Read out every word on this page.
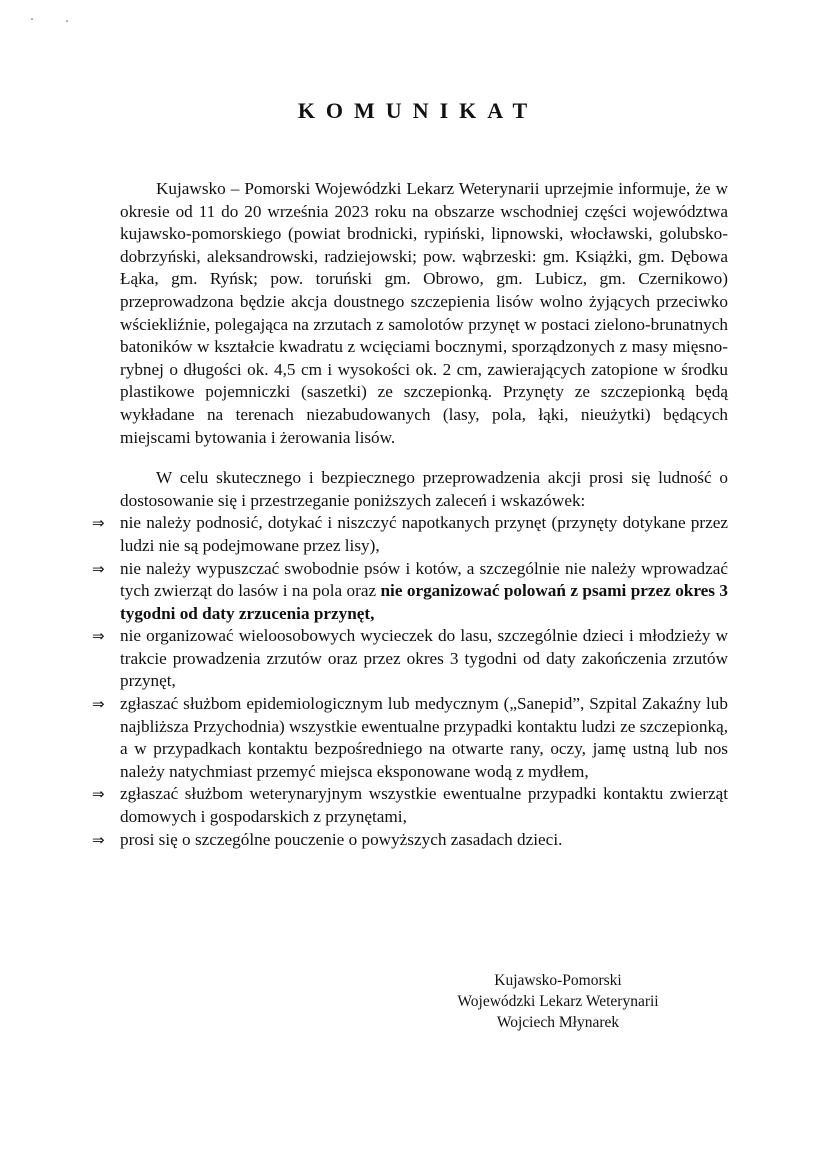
KOMUNIKAT

Kujawsko – Pomorski Wojewódzki Lekarz Weterynarii uprzejmie informuje, że w okresie od 11 do 20 września 2023 roku na obszarze wschodniej części województwa kujawsko-pomorskiego (powiat brodnicki, rypiński, lipnowski, włocławski, golubsko-dobrzyński, aleksandrowski, radziejowski; pow. wąbrzeski: gm. Książki, gm. Dębowa Łąka, gm. Ryńsk; pow. toruński gm. Obrowo, gm. Lubicz, gm. Czernikowo) przeprowadzona będzie akcja doustnego szczepienia lisów wolno żyjących przeciwko wściekliźnie, polegająca na zrzutach z samolotów przynęt w postaci zielono-brunatnych batoników w kształcie kwadratu z wcięciami bocznymi, sporządzonych z masy mięsno-rybnej o długości ok. 4,5 cm i wysokości ok. 2 cm, zawierających zatopione w środku plastikowe pojemniczki (saszetki) ze szczepionką. Przynęty ze szczepionką będą wykładane na terenach niezabudowanych (lasy, pola, łąki, nieużytki) będących miejscami bytowania i żerowania lisów.

W celu skutecznego i bezpiecznego przeprowadzenia akcji prosi się ludność o dostosowanie się i przestrzeganie poniższych zaleceń i wskazówek:

⇒ nie należy podnosić, dotykać i niszczyć napotkanych przynęt (przynęty dotykane przez ludzi nie są podejmowane przez lisy),
⇒ nie należy wypuszczać swobodnie psów i kotów, a szczególnie nie należy wprowadzać tych zwierząt do lasów i na pola oraz nie organizować polowań z psami przez okres 3 tygodni od daty zrzucenia przynęt,
⇒ nie organizować wieloosobowych wycieczek do lasu, szczególnie dzieci i młodzieży w trakcie prowadzenia zrzutów oraz przez okres 3 tygodni od daty zakończenia zrzutów przynęt,
⇒ zgłaszać służbom epidemiologicznym lub medycznym („Sanepid”, Szpital Zakaźny lub najbliższa Przychodnia) wszystkie ewentualne przypadki kontaktu ludzi ze szczepionką, a w przypadkach kontaktu bezpośredniego na otwarte rany, oczy, jamę ustną lub nos należy natychmiast przemyć miejsca eksponowane wodą z mydłem,
⇒ zgłaszać służbom weterynaryjnym wszystkie ewentualne przypadki kontaktu zwierząt domowych i gospodarskich z przynętami,
⇒ prosi się o szczególne pouczenie o powyższych zasadach dzieci.
Kujawsko-Pomorski
Wojewódzki Lekarz Weterynarii
Wojciech Młynarek
